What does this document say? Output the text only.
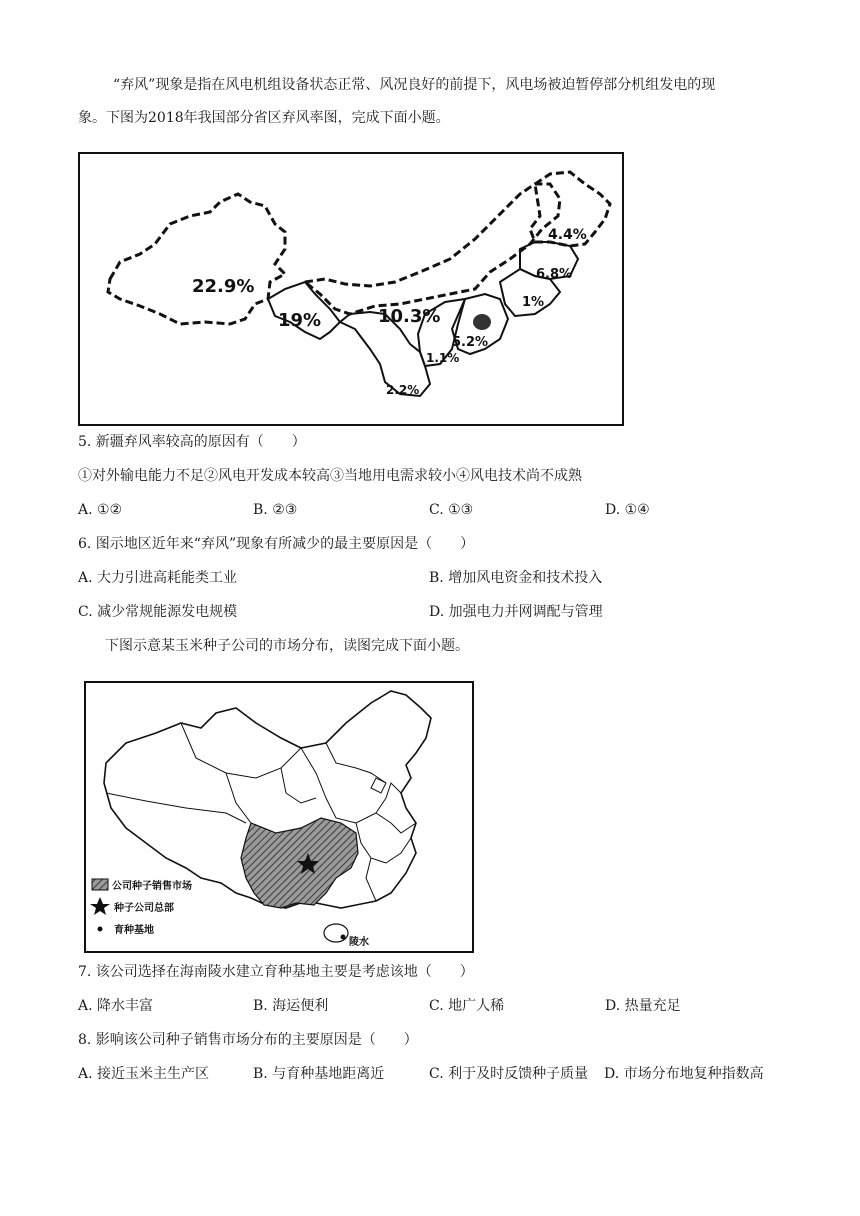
“弃风”现象是指在风电机组设备状态正常、风况良好的前提下，风电场被迫暂停部分机组发电的现
象。下图为2018年我国部分省区弃风率图，完成下面小题。
22.9%
19%	10.3%
4.4%
6.8%
1%
5.2%
1.1%
2.2%
5. 新疆弃风率较高的原因有（　　）
①对外输电能力不足②风电开发成本较高③当地用电需求较小④风电技术尚不成熟
A. ①②	B. ②③	C. ①③	D. ①④
6. 图示地区近年来“弃风”现象有所减少的最主要原因是（　　）
A. 大力引进高耗能类工业	B. 增加风电资金和技术投入
C. 减少常规能源发电规模	D. 加强电力并网调配与管理
下图示意某玉米种子公司的市场分布，读图完成下面小题。
陵水
公司种子销售市场
种子公司总部
育种基地
7. 该公司选择在海南陵水建立育种基地主要是考虑该地（　　）
A. 降水丰富	B. 海运便利	C. 地广人稀	D. 热量充足
8. 影响该公司种子销售市场分布的主要原因是（　　）
A. 接近玉米主生产区	B. 与育种基地距离近	C. 利于及时反馈种子质量 D. 市场分布地复种指数高
